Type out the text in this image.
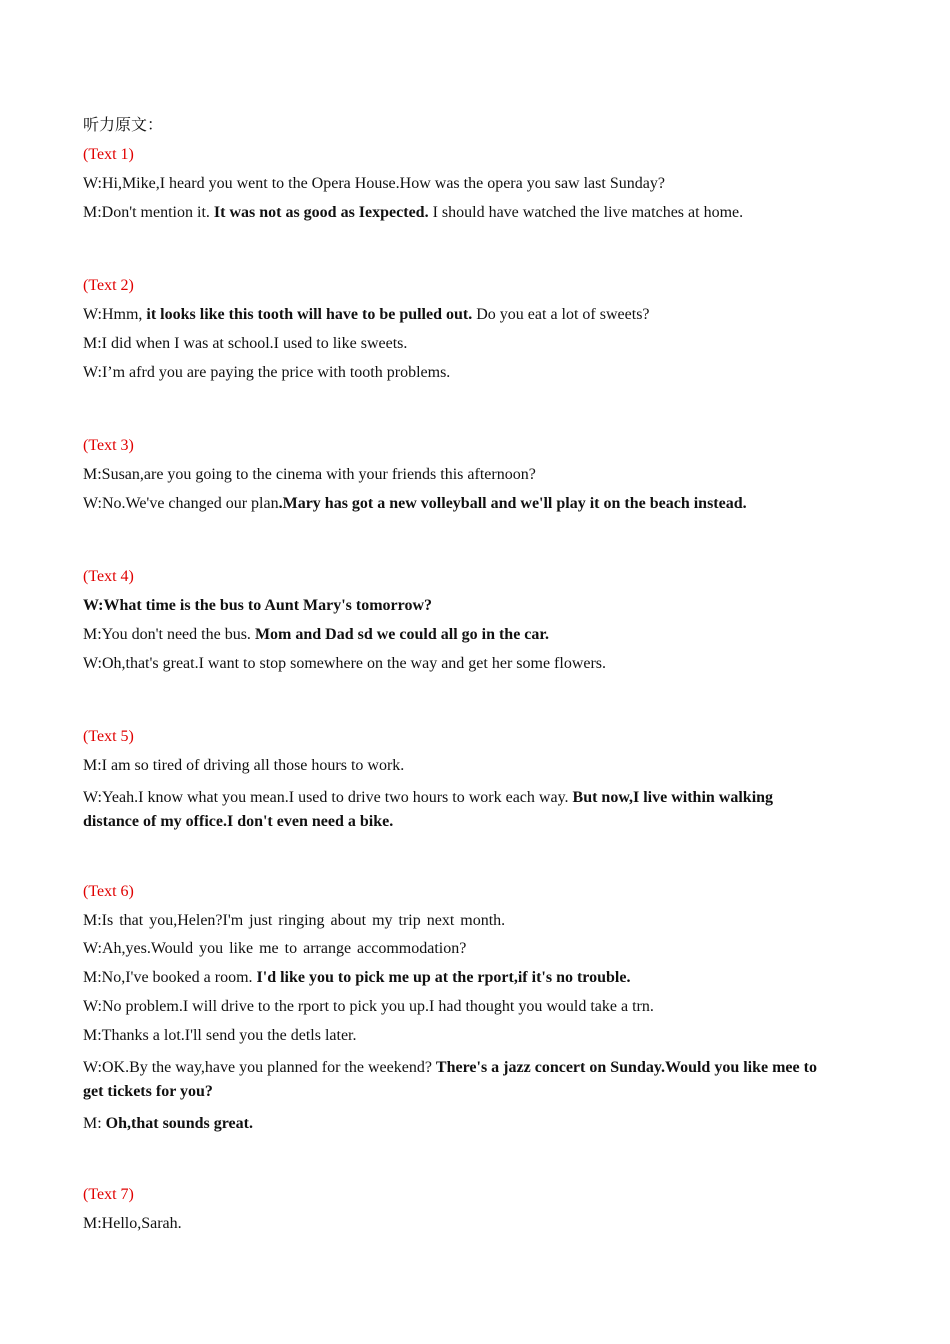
听力原文：
(Text 1)
W:Hi,Mike,I heard you went to the Opera House.How was the opera you saw last Sunday?
M:Don't mention it. It was not as good as Iexpected. I should have watched the live matches at home.
(Text 2)
W:Hmm, it looks like this tooth will have to be pulled out. Do you eat a lot of sweets?
M:I did when I was at school.I used to like sweets.
W:I’m afrd you are paying the price with tooth problems.
(Text 3)
M:Susan,are you going to the cinema with your friends this afternoon?
W:No.We've changed our plan.Mary has got a new volleyball and we'll play it on the beach instead.
(Text 4)
W:What time is the bus to Aunt Mary's tomorrow?
M:You don't need the bus. Mom and Dad sd we could all go in the car.
W:Oh,that's great.I want to stop somewhere on the way and get her some flowers.
(Text 5)
M:I am so tired of driving all those hours to work.
W:Yeah.I know what you mean.I used to drive two hours to work each way. But now,I live within walking distance of my office.I don't even need a bike.
(Text 6)
M:Is that you,Helen?I'm just ringing about my trip next month.
W:Ah,yes.Would you like me to arrange accommodation?
M:No,I've booked a room. I'd like you to pick me up at the rport,if it's no trouble.
W:No problem.I will drive to the rport to pick you up.I had thought you would take a trn.
M:Thanks a lot.I'll send you the detls later.
W:OK.By the way,have you planned for the weekend? There's a jazz concert on Sunday.Would you like mee to get tickets for you?
M: Oh,that sounds great.
(Text 7)
M:Hello,Sarah.
